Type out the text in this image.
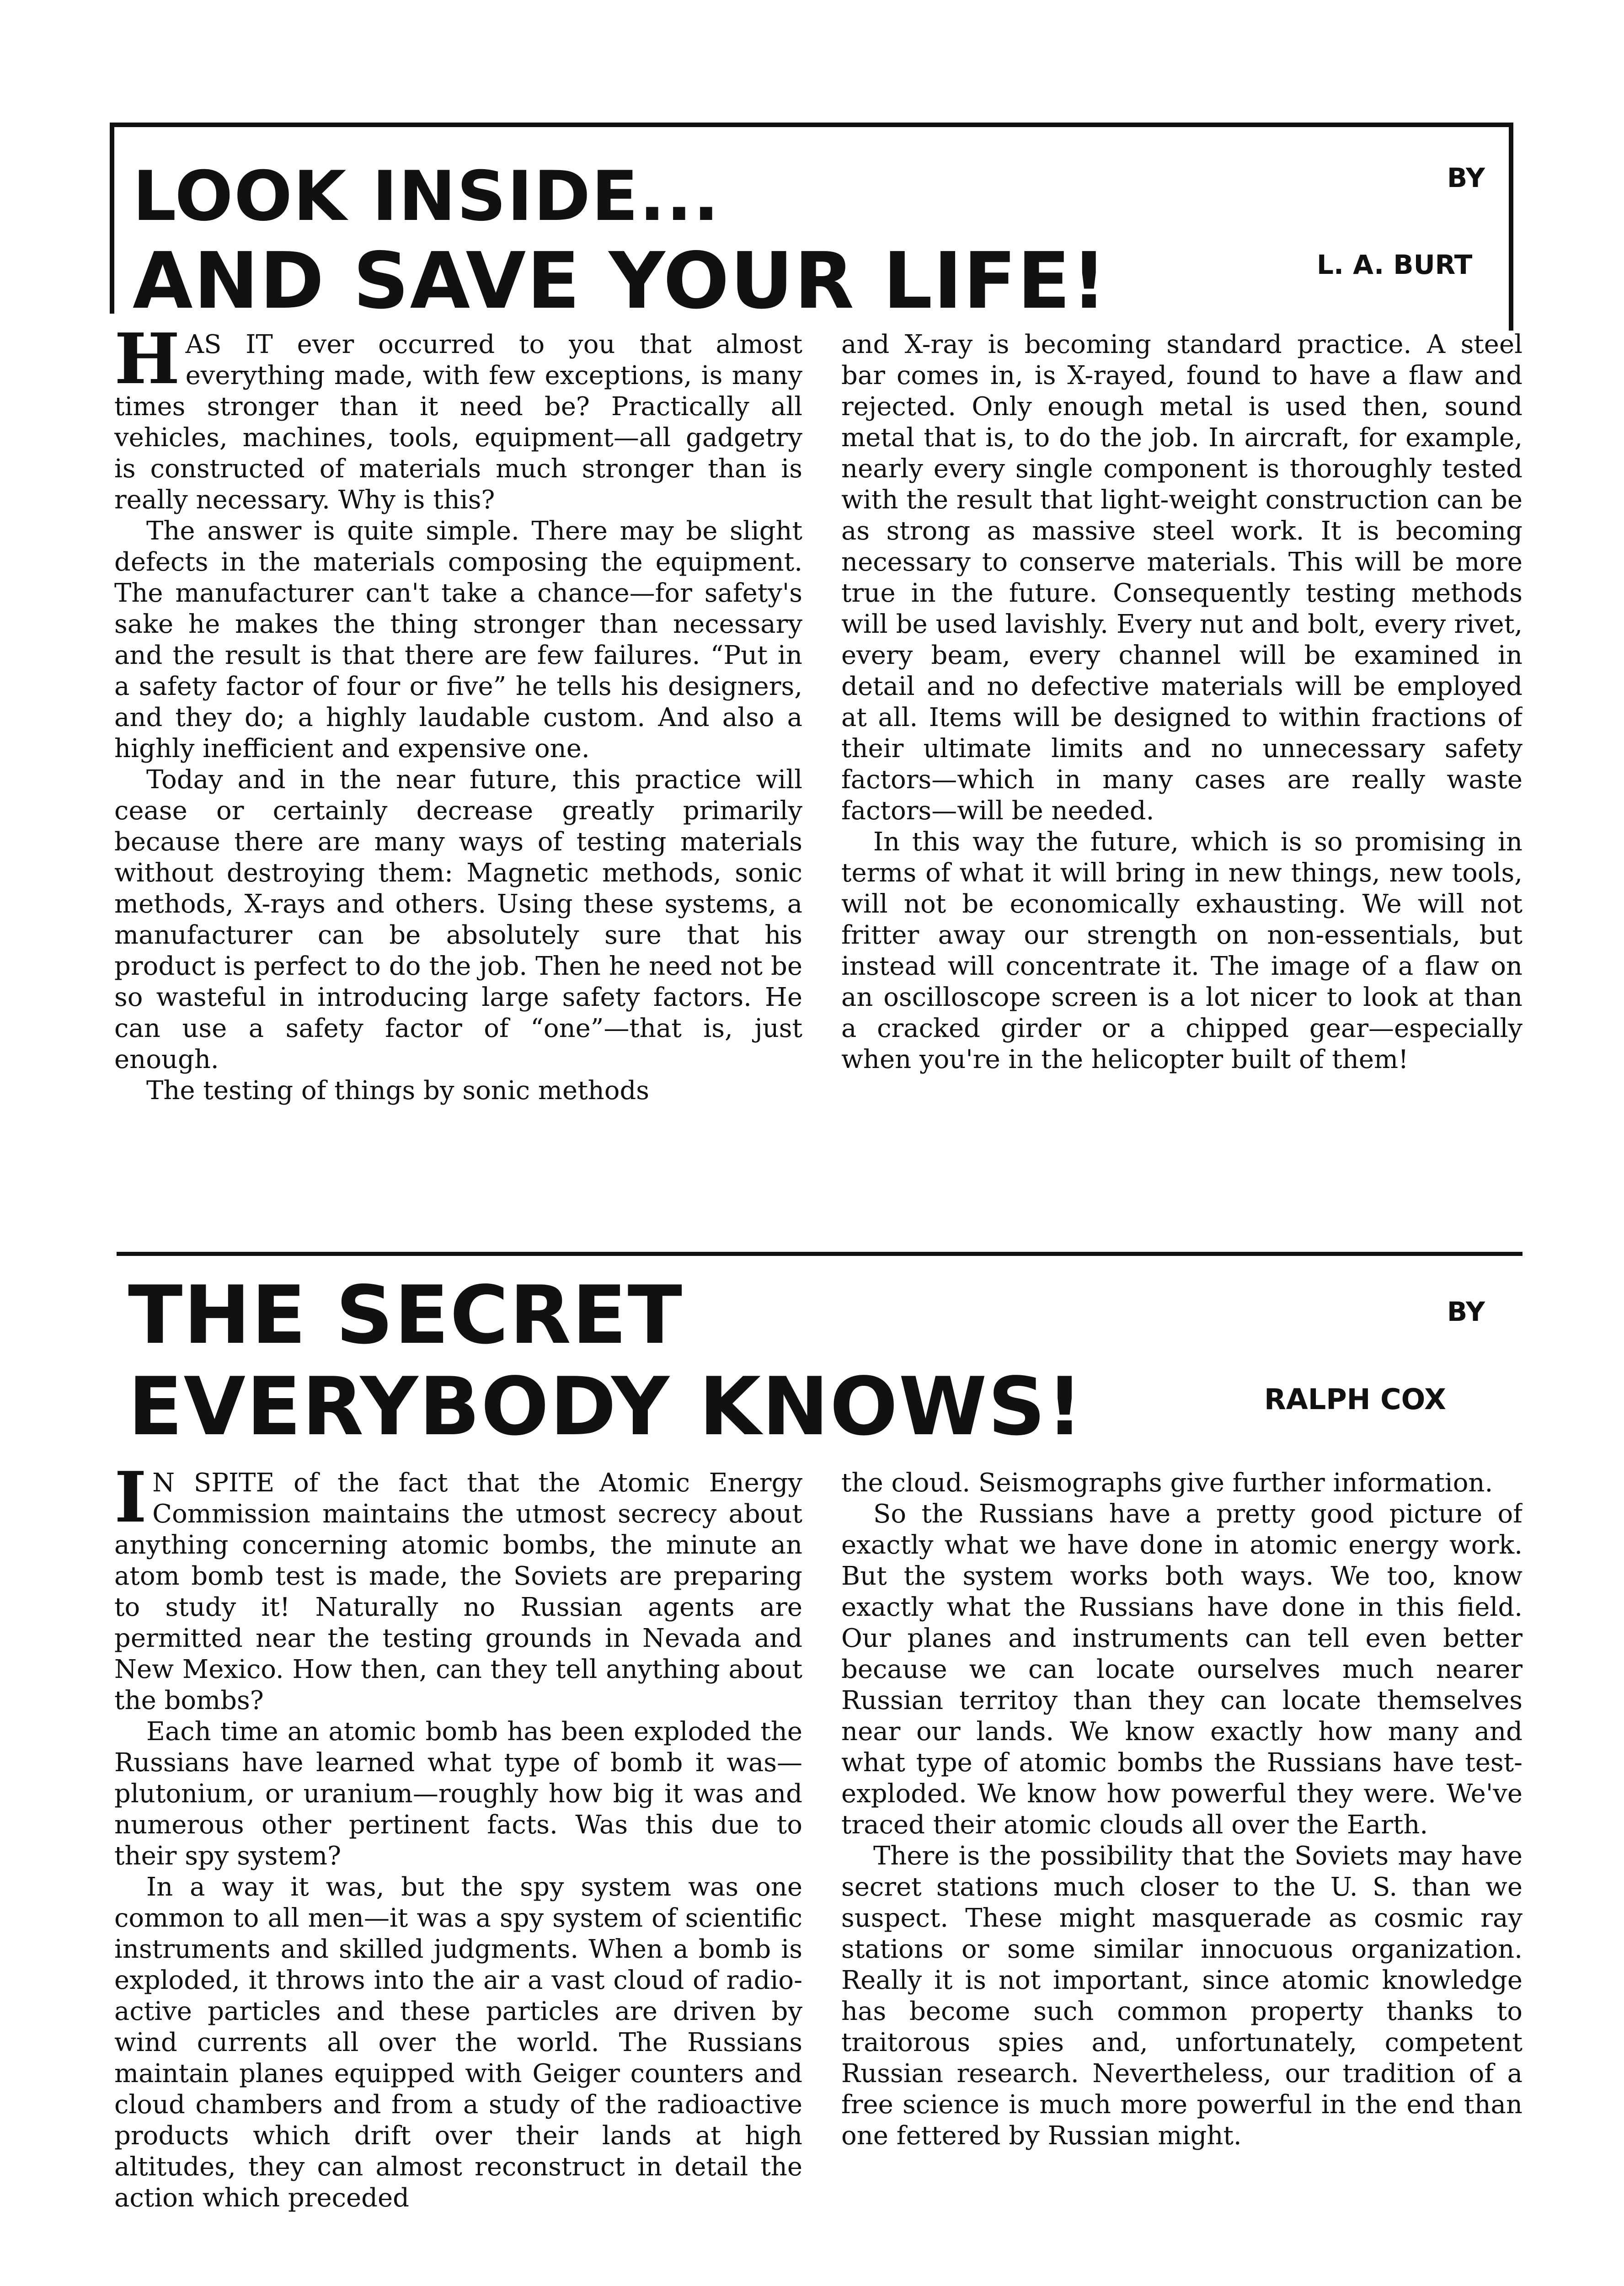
LOOK INSIDE...
AND SAVE YOUR LIFE!
BY
L. A. BURT

HAS IT ever occurred to you that almost everything made, with few exceptions, is many times stronger than it need be? Practically all vehicles, machines, tools, equipment—all gadgetry is constructed of materials much stronger than is really necessary. Why is this?

The answer is quite simple. There may be slight defects in the materials composing the equipment. The manufacturer can't take a chance—for safety's sake he makes the thing stronger than necessary and the result is that there are few failures. “Put in a safety factor of four or five” he tells his designers, and they do; a highly laudable custom. And also a highly inefficient and expensive one.

Today and in the near future, this practice will cease or certainly decrease greatly primarily because there are many ways of testing materials without destroying them: Magnetic methods, sonic methods, X-rays and others. Using these systems, a manufacturer can be absolutely sure that his product is perfect to do the job. Then he need not be so wasteful in introducing large safety factors. He can use a safety factor of “one”—that is, just enough.

The testing of things by sonic methods

and X-ray is becoming standard practice. A steel bar comes in, is X-rayed, found to have a flaw and rejected. Only enough metal is used then, sound metal that is, to do the job. In aircraft, for example, nearly every single component is thoroughly tested with the result that light-weight construction can be as strong as massive steel work. It is becoming necessary to conserve materials. This will be more true in the future. Consequently testing methods will be used lavishly. Every nut and bolt, every rivet, every beam, every channel will be examined in detail and no defective materials will be employed at all. Items will be designed to within fractions of their ultimate limits and no unnecessary safety factors—which in many cases are really waste factors—will be needed.

In this way the future, which is so promising in terms of what it will bring in new things, new tools, will not be economically exhausting. We will not fritter away our strength on non-essentials, but instead will concentrate it. The image of a flaw on an oscilloscope screen is a lot nicer to look at than a cracked girder or a chipped gear—especially when you're in the helicopter built of them!

THE SECRET
EVERYBODY KNOWS!
BY
RALPH COX

I N SPITE of the fact that the Atomic Energy Commission maintains the utmost secrecy about anything concerning atomic bombs, the minute an atom bomb test is made, the Soviets are preparing to study it! Naturally no Russian agents are permitted near the testing grounds in Nevada and New Mexico. How then, can they tell anything about the bombs?

Each time an atomic bomb has been exploded the Russians have learned what type of bomb it was—plutonium, or uranium—roughly how big it was and numerous other pertinent facts. Was this due to their spy system?

In a way it was, but the spy system was one common to all men—it was a spy system of scientific instruments and skilled judgments. When a bomb is exploded, it throws into the air a vast cloud of radio-active particles and these particles are driven by wind currents all over the world. The Russians maintain planes equipped with Geiger counters and cloud chambers and from a study of the radioactive products which drift over their lands at high altitudes, they can almost reconstruct in detail the action which preceded

the cloud. Seismographs give further information.

So the Russians have a pretty good picture of exactly what we have done in atomic energy work. But the system works both ways. We too, know exactly what the Russians have done in this field. Our planes and instruments can tell even better because we can locate ourselves much nearer Russian territoy than they can locate themselves near our lands. We know exactly how many and what type of atomic bombs the Russians have test-exploded. We know how powerful they were. We've traced their atomic clouds all over the Earth.

There is the possibility that the Soviets may have secret stations much closer to the U. S. than we suspect. These might masquerade as cosmic ray stations or some similar innocuous organization. Really it is not important, since atomic knowledge has become such common property thanks to traitorous spies and, unfortunately, competent Russian research. Nevertheless, our tradition of a free science is much more powerful in the end than one fettered by Russian might.
